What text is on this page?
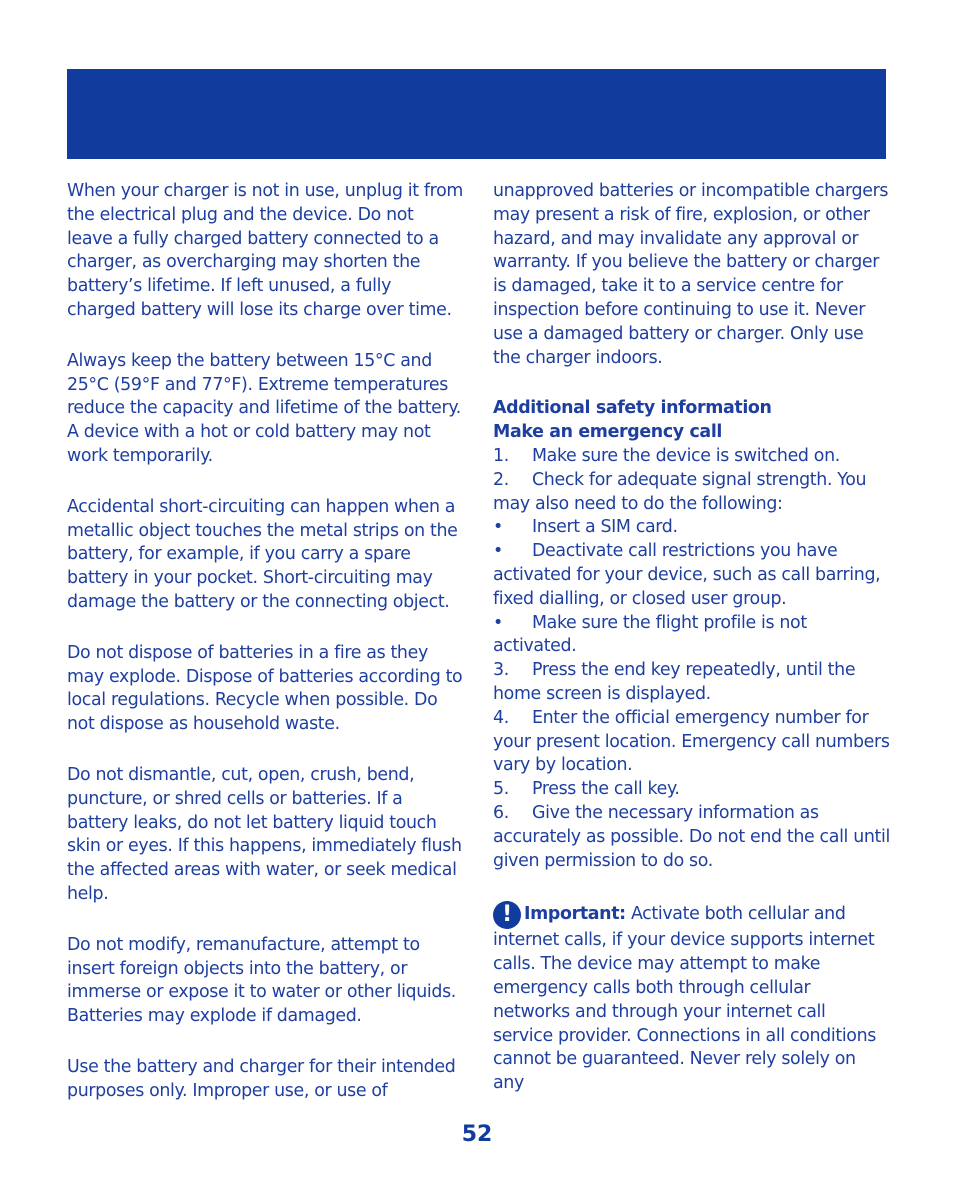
When your charger is not in use, unplug it from the electrical plug and the device. Do not leave a fully charged battery connected to a charger, as overcharging may shorten the battery’s lifetime. If left unused, a fully charged battery will lose its charge over time.

Always keep the battery between 15°C and 25°C (59°F and 77°F). Extreme temperatures reduce the capacity and lifetime of the battery. A device with a hot or cold battery may not work temporarily.

Accidental short-circuiting can happen when a metallic object touches the metal strips on the battery, for example, if you carry a spare battery in your pocket. Short-circuiting may damage the battery or the connecting object.

Do not dispose of batteries in a fire as they may explode. Dispose of batteries according to local regulations. Recycle when possible. Do not dispose as household waste.

Do not dismantle, cut, open, crush, bend, puncture, or shred cells or batteries. If a battery leaks, do not let battery liquid touch skin or eyes. If this happens, immediately flush the affected areas with water, or seek medical help.

Do not modify, remanufacture, attempt to insert foreign objects into the battery, or immerse or expose it to water or other liquids. Batteries may explode if damaged.

Use the battery and charger for their intended purposes only. Improper use, or use of

unapproved batteries or incompatible chargers may present a risk of fire, explosion, or other hazard, and may invalidate any approval or warranty. If you believe the battery or charger is damaged, take it to a service centre for inspection before continuing to use it. Never use a damaged battery or charger. Only use the charger indoors.

Additional safety information

Make an emergency call

1. Make sure the device is switched on.

2. Check for adequate signal strength. You may also need to do the following:

• Insert a SIM card.

• Deactivate call restrictions you have activated for your device, such as call barring, fixed dialling, or closed user group.

• Make sure the flight profile is not activated.

3. Press the end key repeatedly, until the home screen is displayed.

4. Enter the official emergency number for your present location. Emergency call numbers vary by location.

5. Press the call key.

6. Give the necessary information as accurately as possible. Do not end the call until given permission to do so.

! Important: Activate both cellular and internet calls, if your device supports internet calls. The device may attempt to make emergency calls both through cellular networks and through your internet call service provider. Connections in all conditions cannot be guaranteed. Never rely solely on any

52
